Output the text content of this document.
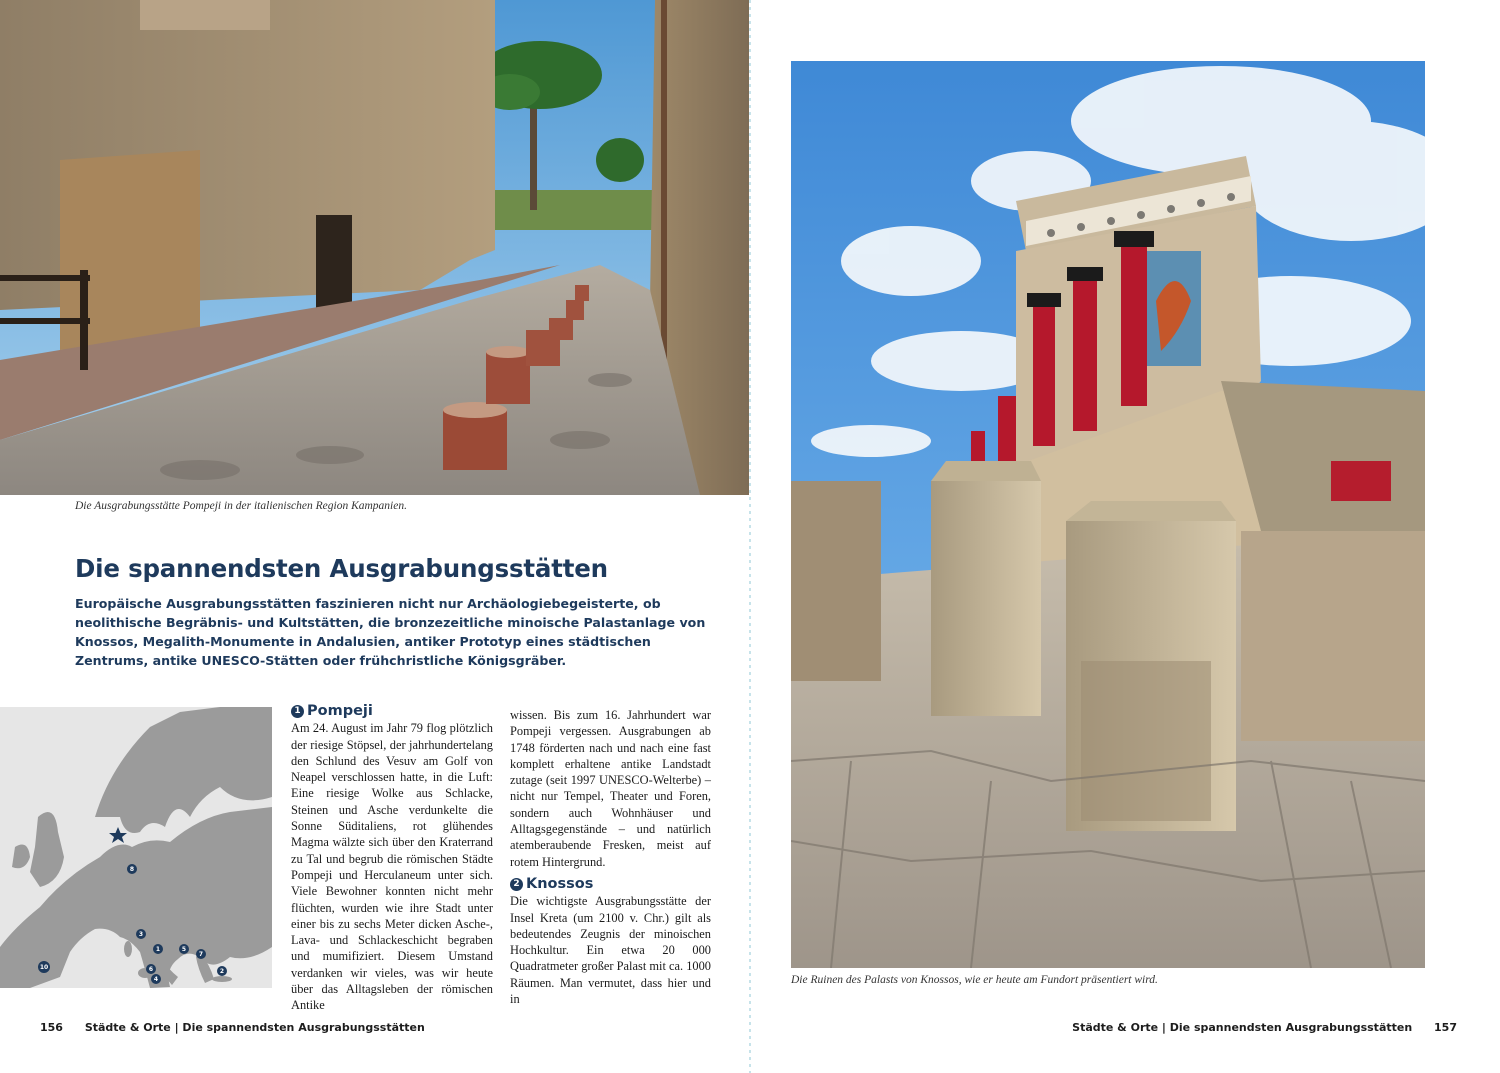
Die Ausgrabungsstätte Pompeji in der italienischen Region Kampanien.
Die spannendsten Ausgrabungsstätten

Europäische Ausgrabungsstätten faszinieren nicht nur Archäologiebegeisterte, ob neolithische Begräbnis- und Kultstätten, die bronzezeitliche minoische Palastanlage von Knossos, Megalith-Monumente in Andalusien, antiker Prototyp eines städtischen Zentrums, antike UNESCO-Stätten oder frühchristliche Königsgräber.

8
1
2
3
4
5
6
7
10
1 Pompeji

Am 24. August im Jahr 79 flog plötzlich der riesige Stöpsel, der jahrhundertelang den Schlund des Vesuv am Golf von Neapel verschlossen hatte, in die Luft: Eine riesige Wolke aus Schlacke, Steinen und Asche verdunkelte die Sonne Süditaliens, rot glühendes Magma wälzte sich über den Kraterrand zu Tal und begrub die römischen Städte Pompeji und Herculaneum unter sich. Viele Bewohner konnten nicht mehr flüchten, wurden wie ihre Stadt unter einer bis zu sechs Meter dicken Asche-, Lava- und Schlackeschicht begraben und mumifiziert. Diesem Umstand verdanken wir vieles, was wir heute über das Alltagsleben der römischen Antike

wissen. Bis zum 16. Jahrhundert war Pompeji vergessen. Ausgrabungen ab 1748 förderten nach und nach eine fast komplett erhaltene antike Landstadt zutage (seit 1997 UNESCO-Welterbe) – nicht nur Tempel, Theater und Foren, sondern auch Wohnhäuser und Alltagsgegenstände – und natürlich atemberaubende Fresken, meist auf rotem Hintergrund.

2 Knossos

Die wichtigste Ausgrabungsstätte der Insel Kreta (um 2100 v. Chr.) gilt als bedeutendes Zeugnis der minoischen Hochkultur. Ein etwa 20 000 Quadratmeter großer Palast mit ca. 1000 Räumen. Man vermutet, dass hier und in

156 Städte & Orte | Die spannendsten Ausgrabungsstätten
Die Ruinen des Palasts von Knossos, wie er heute am Fundort präsentiert wird.
Städte & Orte | Die spannendsten Ausgrabungsstätten 157
